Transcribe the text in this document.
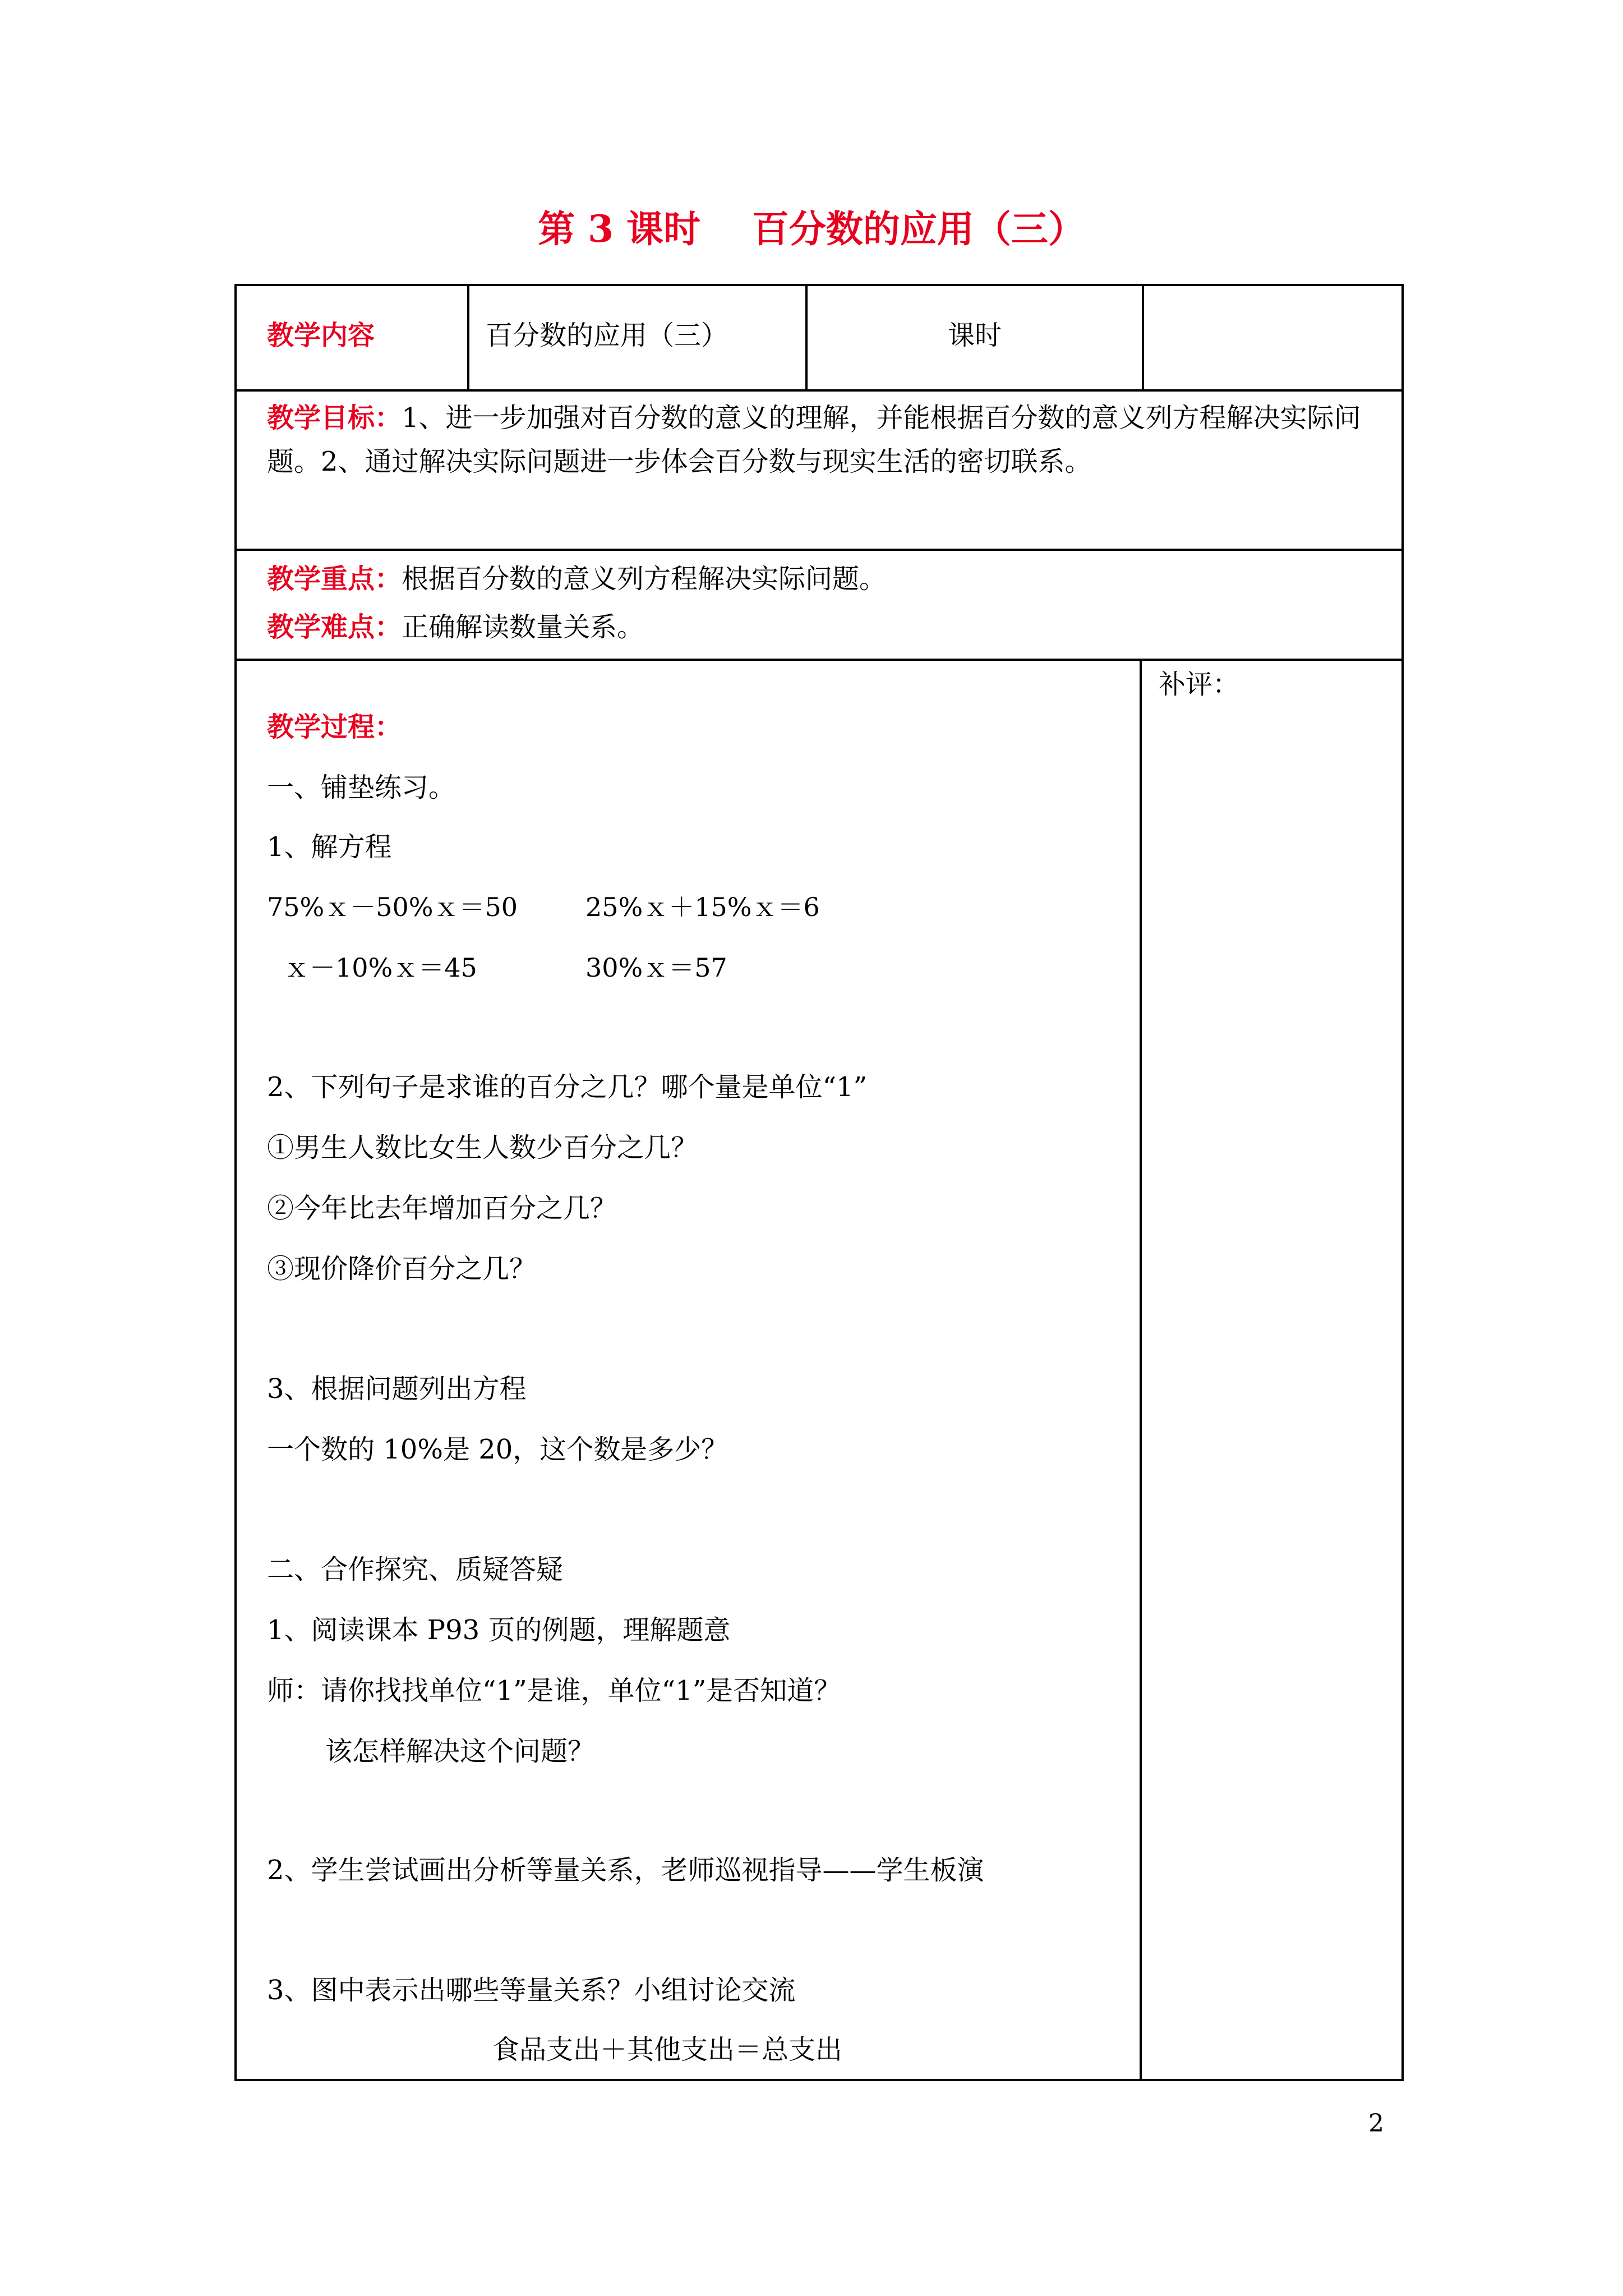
第 3 课时    百分数的应用（三）
教学内容	百分数的应用（三）	课时
教学目标：1、进一步加强对百分数的意义的理解，并能根据百分数的意义列方程解决实际问题。2、通过解决实际问题进一步体会百分数与现实生活的密切联系。
教学重点：根据百分数的意义列方程解决实际问题。
教学难点：正确解读数量关系。
补评：
教学过程：
一、铺垫练习。
1、解方程
75%ｘ－50%ｘ＝50	25%ｘ＋15%ｘ＝6
ｘ－10%ｘ＝45	30%ｘ＝57
2、下列句子是求谁的百分之几？哪个量是单位“1”
①男生人数比女生人数少百分之几？
②今年比去年增加百分之几？
③现价降价百分之几？
3、根据问题列出方程
一个数的 10%是 20，这个数是多少？
二、合作探究、质疑答疑
1、阅读课本 P93 页的例题，理解题意
师：请你找找单位“1”是谁，单位“1”是否知道？
该怎样解决这个问题？
2、学生尝试画出分析等量关系，老师巡视指导——学生板演
3、图中表示出哪些等量关系？小组讨论交流
食品支出＋其他支出＝总支出
2
